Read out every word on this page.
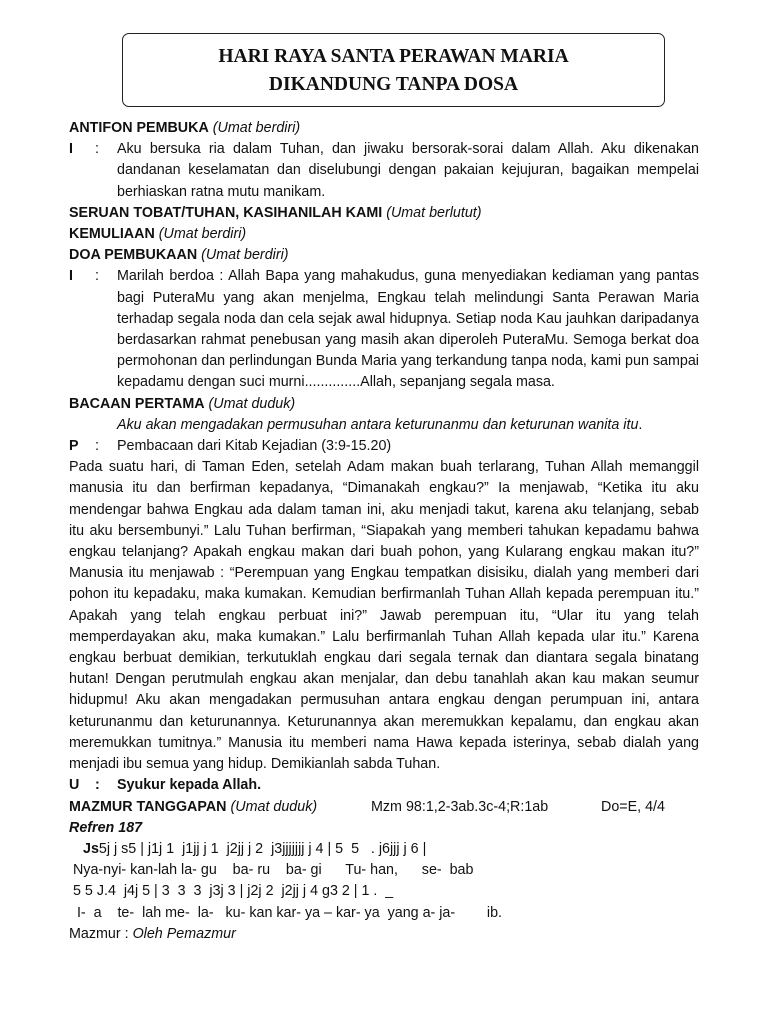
HARI RAYA SANTA PERAWAN MARIA
DIKANDUNG TANPA DOSA
ANTIFON PEMBUKA (Umat berdiri)
I :	Aku bersuka ria dalam Tuhan, dan jiwaku bersorak-sorai dalam Allah. Aku dikenakan dandanan keselamatan dan diselubungi dengan pakaian kejujuran, bagaikan mempelai berhiaskan ratna mutu manikam.
SERUAN TOBAT/TUHAN, KASIHANILAH KAMI (Umat berlutut)
KEMULIAAN (Umat berdiri)
DOA PEMBUKAAN (Umat berdiri)
I :	Marilah berdoa : Allah Bapa yang mahakudus, guna menyediakan kediaman yang pantas bagi PuteraMu yang akan menjelma, Engkau telah melindungi Santa Perawan Maria terhadap segala noda dan cela sejak awal hidupnya. Setiap noda Kau jauhkan daripadanya berdasarkan rahmat penebusan yang masih akan diperoleh PuteraMu. Semoga berkat doa permohonan dan perlindungan Bunda Maria yang terkandung tanpa noda, kami pun sampai kepadamu dengan suci murni..............Allah, sepanjang segala masa.
BACAAN PERTAMA (Umat duduk)
Aku akan mengadakan permusuhan antara keturunanmu dan keturunan wanita itu.
P :	Pembacaan dari Kitab Kejadian (3:9-15.20)
Pada suatu hari, di Taman Eden, setelah Adam makan buah terlarang, Tuhan Allah memanggil manusia itu dan berfirman kepadanya, “Dimanakah engkau?” Ia menjawab, “Ketika itu aku mendengar bahwa Engkau ada dalam taman ini, aku menjadi takut, karena aku telanjang, sebab itu aku bersembunyi.” Lalu Tuhan berfirman, “Siapakah yang memberi tahukan kepadamu bahwa engkau telanjang? Apakah engkau makan dari buah pohon, yang Kularang engkau makan itu?” Manusia itu menjawab : “Perempuan yang Engkau tempatkan disisiku, dialah yang memberi dari pohon itu kepadaku, maka kumakan. Kemudian berfirmanlah Tuhan Allah kepada perempuan itu.” Apakah yang telah engkau perbuat ini?” Jawab perempuan itu, “Ular itu yang telah memperdayakan aku, maka kumakan.” Lalu berfirmanlah Tuhan Allah kepada ular itu.” Karena engkau berbuat demikian, terkutuklah engkau dari segala ternak dan diantara segala binatang hutan! Dengan perutmulah engkau akan menjalar, dan debu tanahlah akan kau makan seumur hidupmu! Aku akan mengadakan permusuhan antara engkau dengan perumpuan ini, antara keturunanmu dan keturunannya. Keturunannya akan meremukkan kepalamu, dan engkau akan meremukkan tumitnya.” Manusia itu memberi nama Hawa kepada isterinya, sebab dialah yang menjadi ibu semua yang hidup. Demikianlah sabda Tuhan.
U :	Syukur kepada Allah.
MAZMUR TANGGAPAN (Umat duduk)	Mzm 98:1,2-3ab.3c-4;R:1ab	Do=E, 4/4
Refren 187
Js5j j s5 | j1j 1  j1jj j 1  j2jj j 2  j3jjjjjjj j 4 | 5  5   . j6jjj j 6 |
Nya-nyi- kan-lah la- gu    ba- ru    ba- gi      Tu- han,      se-  bab
5 5 J.4  j4j 5 | 3  3  3  j3j 3 | j2j 2  j2jj j 4 g3 2 | 1 .  _
I-  a    te-  lah me-  la-   ku- kan kar- ya – kar- ya  yang a- ja-        ib.
Mazmur : Oleh Pemazmur
